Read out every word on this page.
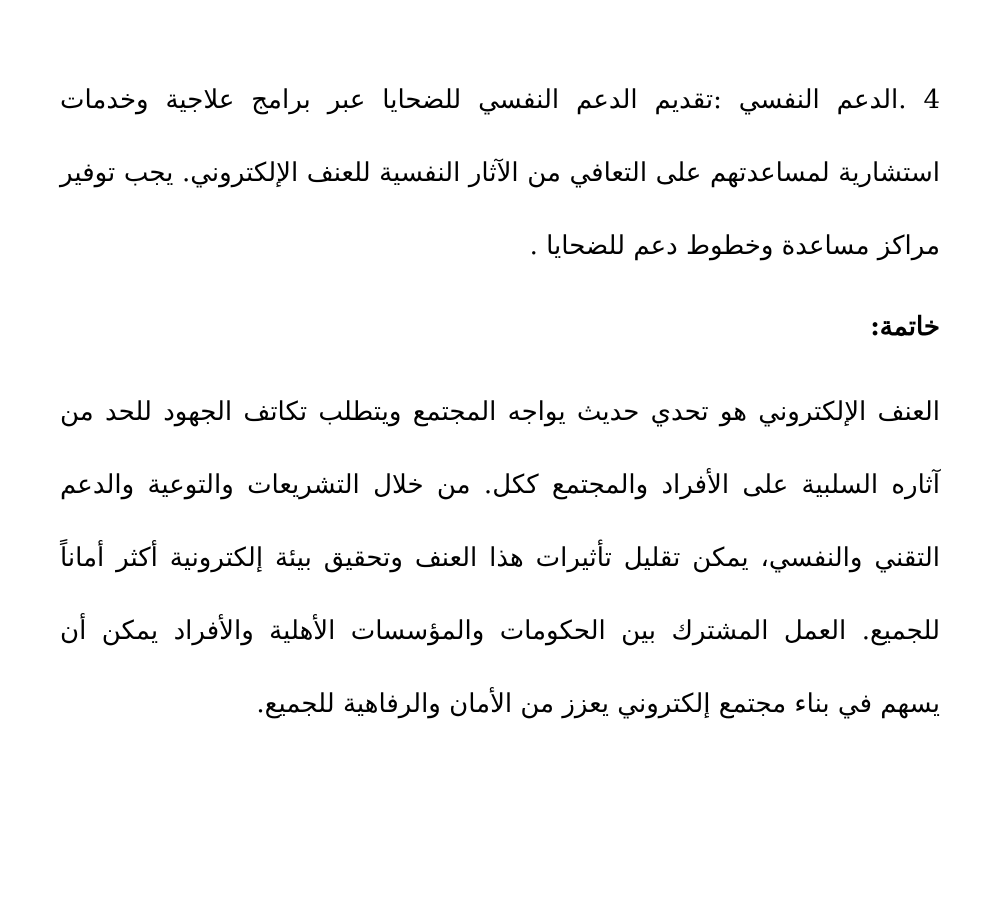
4 .الدعم النفسي :تقديم الدعم النفسي للضحايا عبر برامج علاجية وخدمات استشارية لمساعدتهم على التعافي من الآثار النفسية للعنف الإلكتروني. يجب توفير مراكز مساعدة وخطوط دعم للضحايا .

خاتمة:

العنف الإلكتروني هو تحدي حديث يواجه المجتمع ويتطلب تكاتف الجهود للحد من آثاره السلبية على الأفراد والمجتمع ككل. من خلال التشريعات والتوعية والدعم التقني والنفسي، يمكن تقليل تأثيرات هذا العنف وتحقيق بيئة إلكترونية أكثر أماناً للجميع. العمل المشترك بين الحكومات والمؤسسات الأهلية والأفراد يمكن أن يسهم في بناء مجتمع إلكتروني يعزز من الأمان والرفاهية للجميع.
